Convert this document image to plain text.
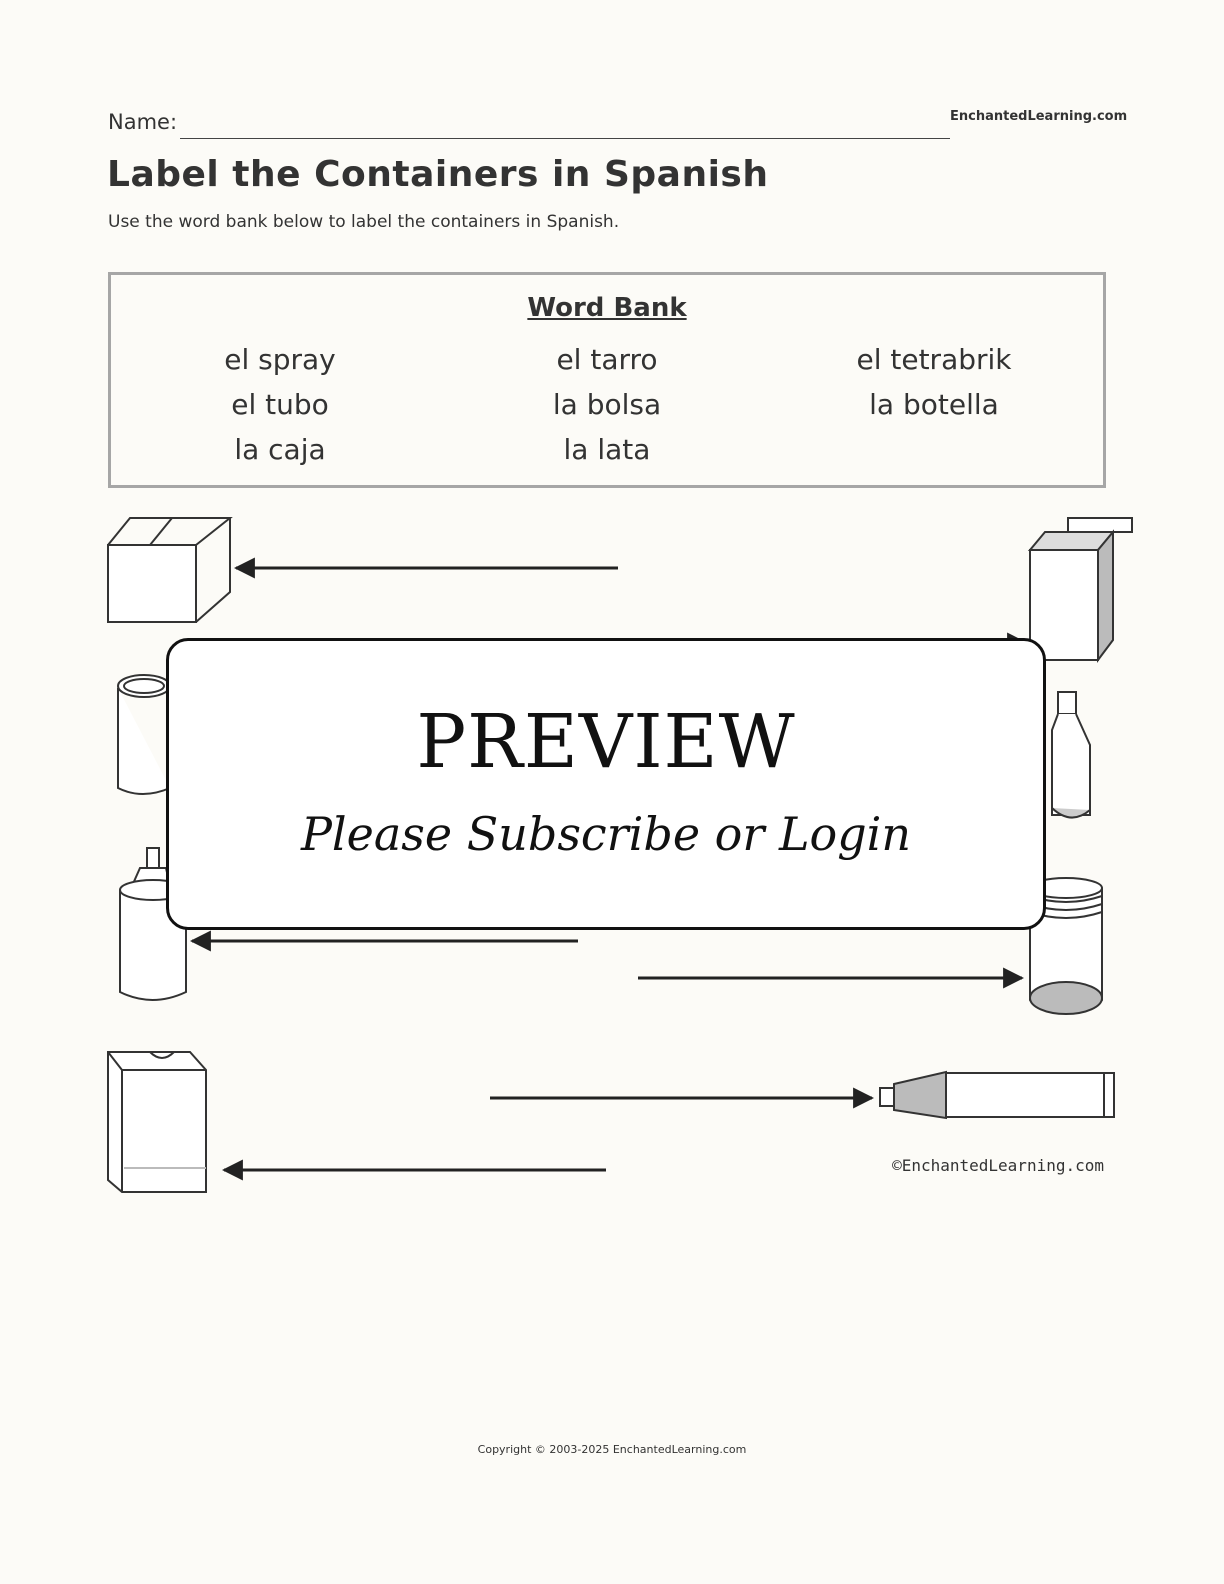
Name:	EnchantedLearning.com
Label the Containers in Spanish
Use the word bank below to label the containers in Spanish.
Word Bank
el spray
el tubo
la caja
el tarro
la bolsa
la lata
el tetrabrik
la botella
PREVIEW
Please Subscribe or Login
©EnchantedLearning.com
Copyright © 2003-2025 EnchantedLearning.com
